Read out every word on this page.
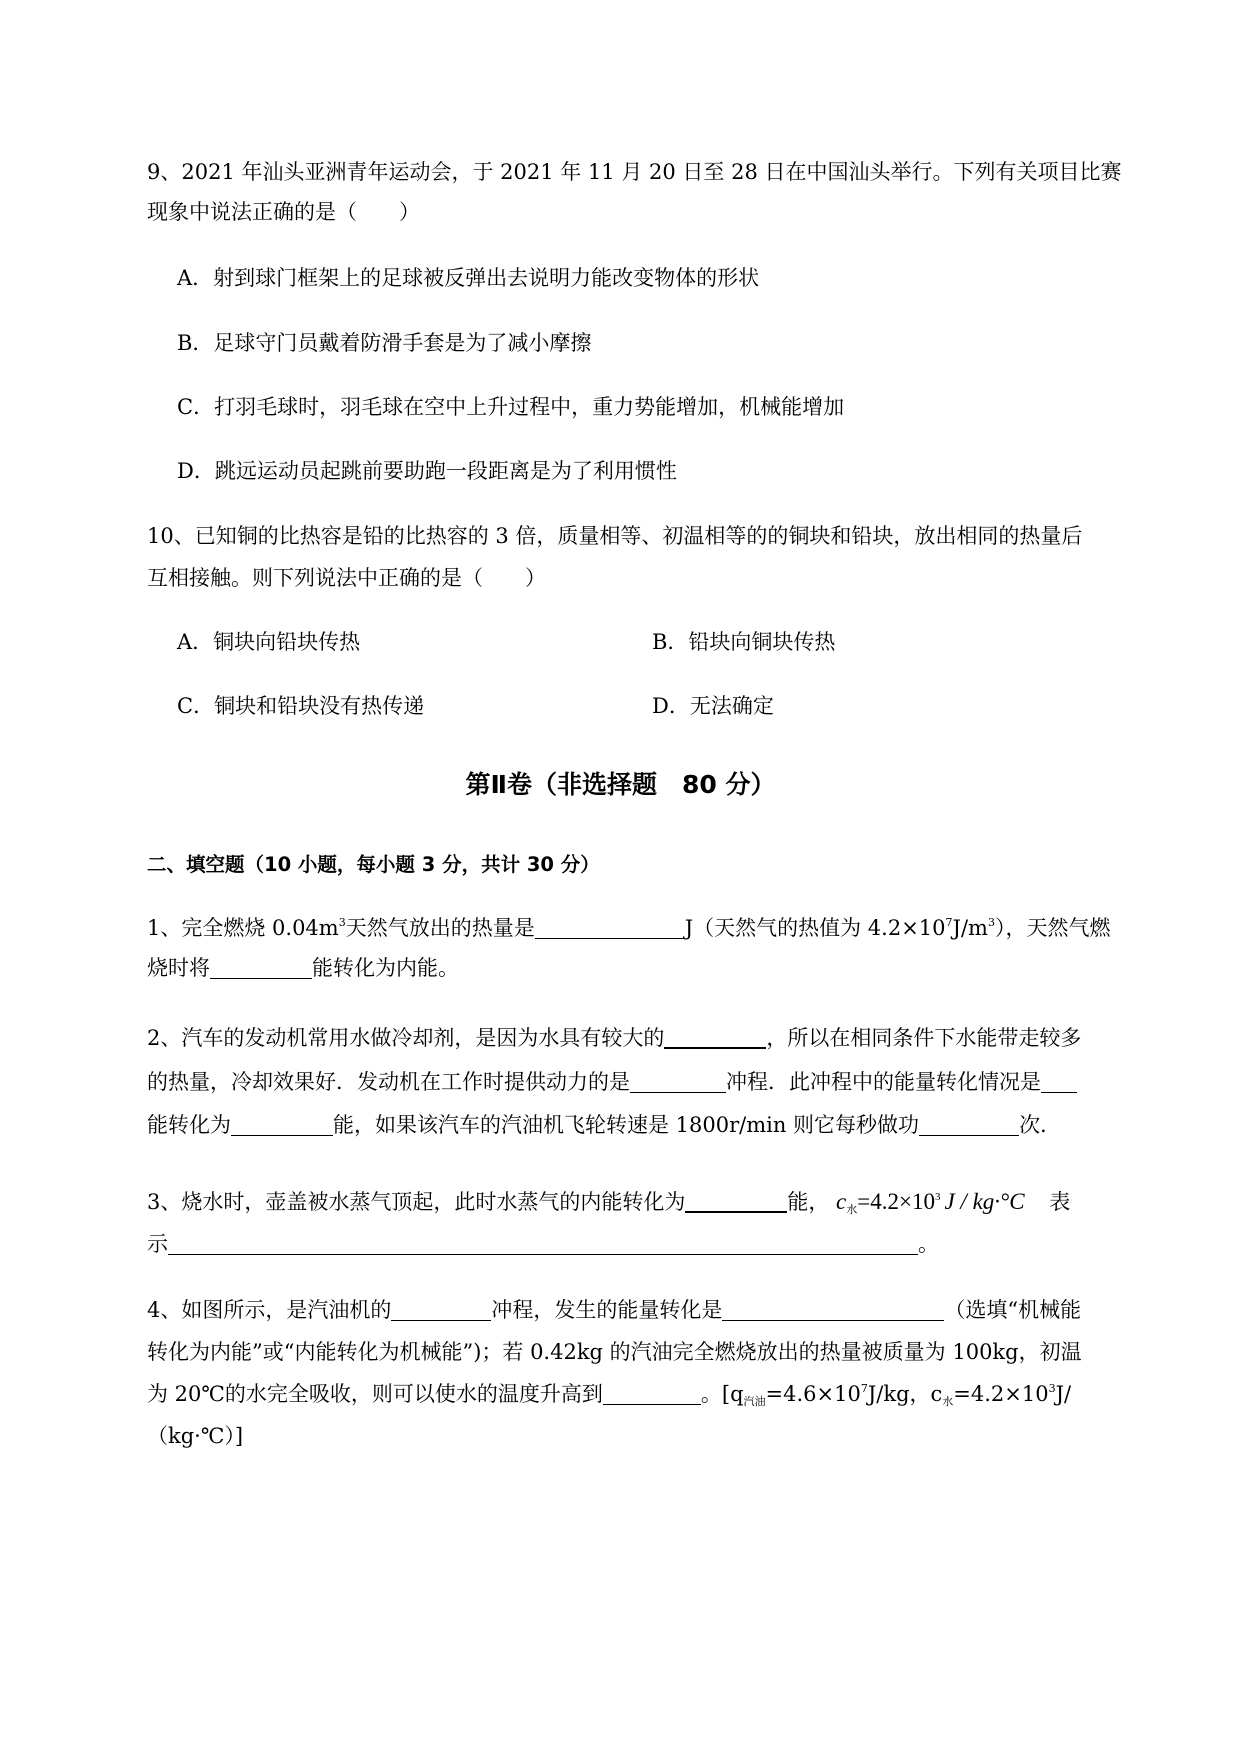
9、2021 年汕头亚洲青年运动会，于 2021 年 11 月 20 日至 28 日在中国汕头举行。下列有关项目比赛
现象中说法正确的是（　　）
A．射到球门框架上的足球被反弹出去说明力能改变物体的形状
B．足球守门员戴着防滑手套是为了减小摩擦
C．打羽毛球时，羽毛球在空中上升过程中，重力势能增加，机械能增加
D．跳远运动员起跳前要助跑一段距离是为了利用惯性
10、已知铜的比热容是铅的比热容的 3 倍，质量相等、初温相等的的铜块和铅块，放出相同的热量后
互相接触。则下列说法中正确的是（　　）
A．铜块向铅块传热	B．铅块向铜块传热
C．铜块和铅块没有热传递	D．无法确定
第Ⅱ卷（非选择题　80 分）
二、填空题（10 小题，每小题 3 分，共计 30 分）
1、完全燃烧 $0.04m^3$天然气放出的热量是	J（天然气的热值为 $4.2\times 10^7J/m^3$），天然气燃
烧时将	能转化为内能。
2、汽车的发动机常用水做冷却剂，是因为水具有较大的	，所以在相同条件下水能带走较多
的热量，冷却效果好．发动机在工作时提供动力的是	冲程．此冲程中的能量转化情况是
能转化为	能，如果该汽车的汽油机飞轮转速是 1800r/min 则它每秒做功	次.
3、烧水时，壶盖被水蒸气顶起，此时水蒸气的内能转化为	能， c水$=4.2\times 10^3$ J / kg·°C 表
示	。
4、如图所示，是汽油机的	冲程，发生的能量转化是	（选填“机械能
转化为内能”或“内能转化为机械能”)；若 0.42kg 的汽油完全燃烧放出的热量被质量为 100kg，初温
为 20℃的水完全吸收，则可以使水的温度升高到	。[q汽油$=4.6\times 10^7J/kg$，c水$=4.2\times 10^3J/$
（kg·℃）]
